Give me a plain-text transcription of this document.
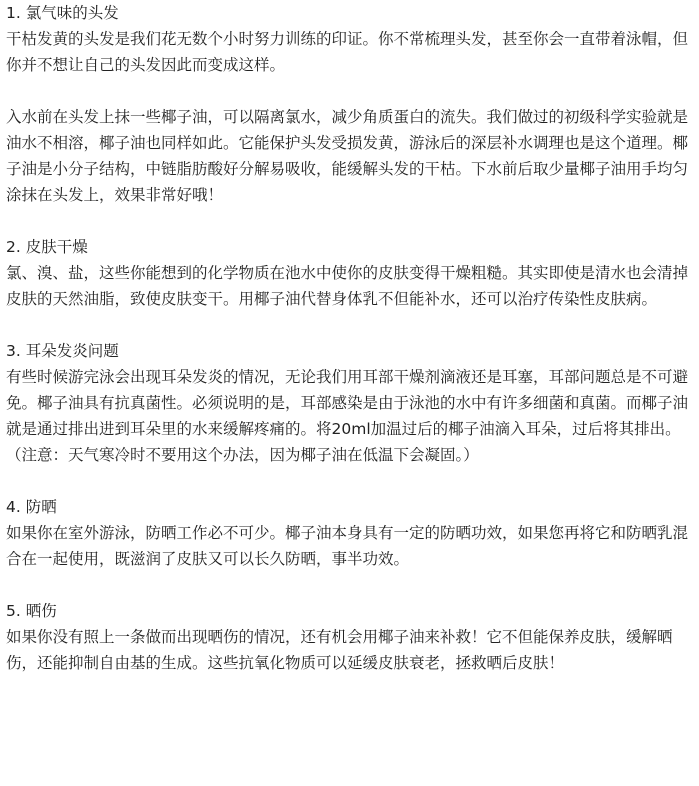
1. 氯气味的头发

干枯发黄的头发是我们花无数个小时努力训练的印证。你不常梳理头发，甚至你会一直带着泳帽，但你并不想让自己的头发因此而变成这样。

入水前在头发上抹一些椰子油，可以隔离氯水，减少角质蛋白的流失。我们做过的初级科学实验就是油水不相溶，椰子油也同样如此。它能保护头发受损发黄，游泳后的深层补水调理也是这个道理。椰子油是小分子结构，中链脂肪酸好分解易吸收，能缓解头发的干枯。下水前后取少量椰子油用手均匀涂抹在头发上，效果非常好哦！

2. 皮肤干燥

氯、溴、盐，这些你能想到的化学物质在池水中使你的皮肤变得干燥粗糙。其实即使是清水也会清掉皮肤的天然油脂，致使皮肤变干。用椰子油代替身体乳不但能补水，还可以治疗传染性皮肤病。

3. 耳朵发炎问题

有些时候游完泳会出现耳朵发炎的情况，无论我们用耳部干燥剂滴液还是耳塞，耳部问题总是不可避免。椰子油具有抗真菌性。必须说明的是，耳部感染是由于泳池的水中有许多细菌和真菌。而椰子油就是通过排出进到耳朵里的水来缓解疼痛的。将20ml加温过后的椰子油滴入耳朵，过后将其排出。（注意：天气寒冷时不要用这个办法，因为椰子油在低温下会凝固。）

4. 防晒

如果你在室外游泳，防晒工作必不可少。椰子油本身具有一定的防晒功效，如果您再将它和防晒乳混合在一起使用，既滋润了皮肤又可以长久防晒，事半功效。

5. 晒伤

如果你没有照上一条做而出现晒伤的情况，还有机会用椰子油来补救！它不但能保养皮肤，缓解晒伤，还能抑制自由基的生成。这些抗氧化物质可以延缓皮肤衰老，拯救晒后皮肤！
